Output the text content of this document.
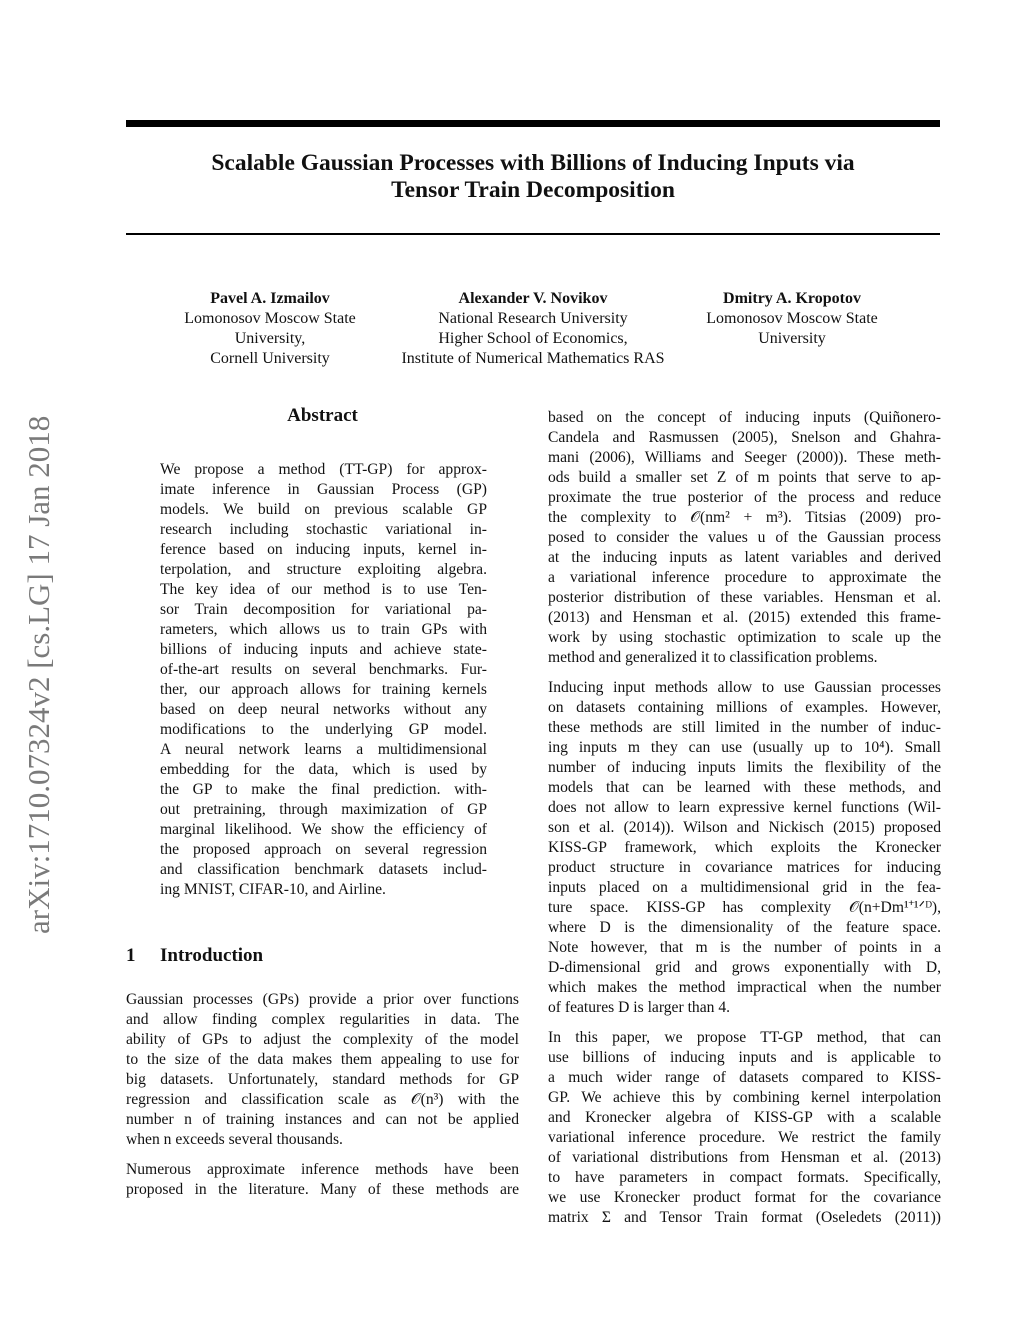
arXiv:1710.07324v2 [cs.LG] 17 Jan 2018
Scalable Gaussian Processes with Billions of Inducing Inputs via
Tensor Train Decomposition
Pavel A. Izmailov
Lomonosov Moscow State
University,
Cornell University
Alexander V. Novikov
National Research University
Higher School of Economics,
Institute of Numerical Mathematics RAS
Dmitry A. Kropotov
Lomonosov Moscow State
University
Abstract
We propose a method (TT-GP) for approx-
imate inference in Gaussian Process (GP)
models. We build on previous scalable GP
research including stochastic variational in-
ference based on inducing inputs, kernel in-
terpolation, and structure exploiting algebra.
The key idea of our method is to use Ten-
sor Train decomposition for variational pa-
rameters, which allows us to train GPs with
billions of inducing inputs and achieve state-
of-the-art results on several benchmarks. Fur-
ther, our approach allows for training kernels
based on deep neural networks without any
modifications to the underlying GP model.
A neural network learns a multidimensional
embedding for the data, which is used by
the GP to make the final prediction. with-
out pretraining, through maximization of GP
marginal likelihood. We show the efficiency of
the proposed approach on several regression
and classification benchmark datasets includ-
ing MNIST, CIFAR-10, and Airline.
1 Introduction
Gaussian processes (GPs) provide a prior over functions
and allow finding complex regularities in data. The
ability of GPs to adjust the complexity of the model
to the size of the data makes them appealing to use for
big datasets. Unfortunately, standard methods for GP
regression and classification scale as 𝒪(n³) with the
number n of training instances and can not be applied
when n exceeds several thousands.
Numerous approximate inference methods have been
proposed in the literature. Many of these methods are
based on the concept of inducing inputs (Quiñonero-
Candela and Rasmussen (2005), Snelson and Ghahra-
mani (2006), Williams and Seeger (2000)). These meth-
ods build a smaller set Z of m points that serve to ap-
proximate the true posterior of the process and reduce
the complexity to 𝒪(nm² + m³). Titsias (2009) pro-
posed to consider the values u of the Gaussian process
at the inducing inputs as latent variables and derived
a variational inference procedure to approximate the
posterior distribution of these variables. Hensman et al.
(2013) and Hensman et al. (2015) extended this frame-
work by using stochastic optimization to scale up the
method and generalized it to classification problems.
Inducing input methods allow to use Gaussian processes
on datasets containing millions of examples. However,
these methods are still limited in the number of induc-
ing inputs m they can use (usually up to 10⁴). Small
number of inducing inputs limits the flexibility of the
models that can be learned with these methods, and
does not allow to learn expressive kernel functions (Wil-
son et al. (2014)). Wilson and Nickisch (2015) proposed
KISS-GP framework, which exploits the Kronecker
product structure in covariance matrices for inducing
inputs placed on a multidimensional grid in the fea-
ture space. KISS-GP has complexity 𝒪(n+Dm¹⁺¹ᐟᴰ),
where D is the dimensionality of the feature space.
Note however, that m is the number of points in a
D-dimensional grid and grows exponentially with D,
which makes the method impractical when the number
of features D is larger than 4.
In this paper, we propose TT-GP method, that can
use billions of inducing inputs and is applicable to
a much wider range of datasets compared to KISS-
GP. We achieve this by combining kernel interpolation
and Kronecker algebra of KISS-GP with a scalable
variational inference procedure. We restrict the family
of variational distributions from Hensman et al. (2013)
to have parameters in compact formats. Specifically,
we use Kronecker product format for the covariance
matrix Σ and Tensor Train format (Oseledets (2011))
